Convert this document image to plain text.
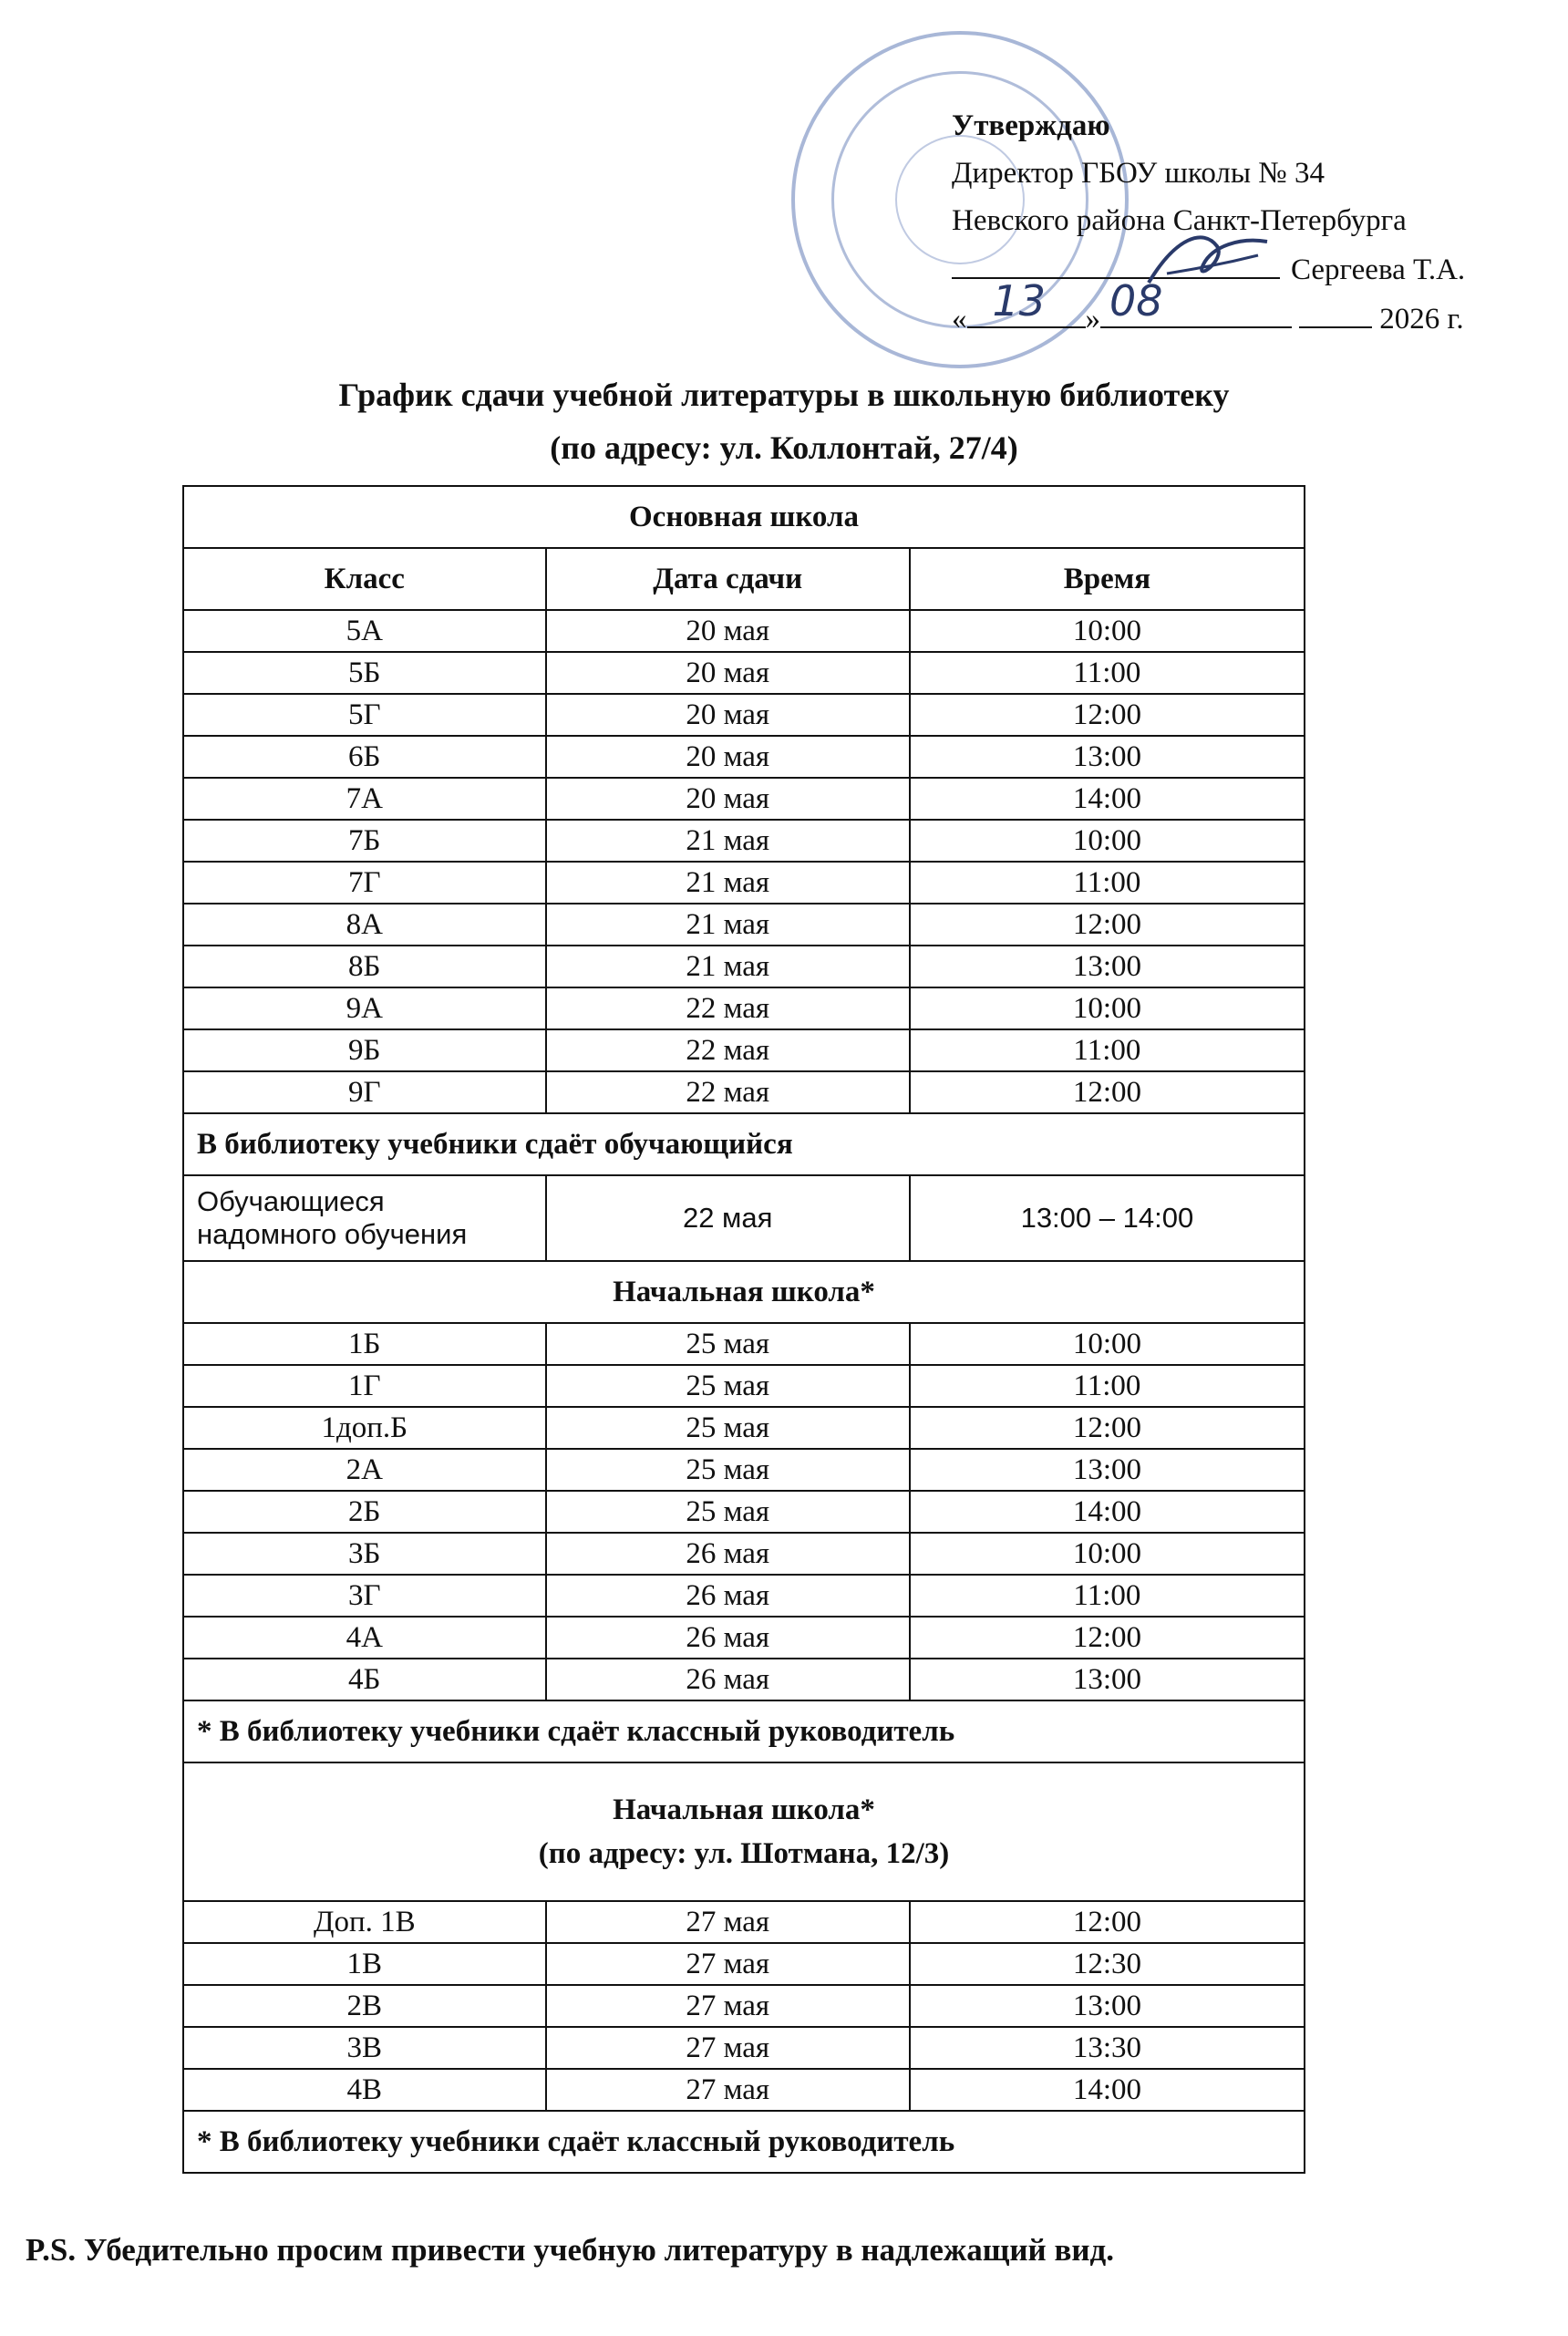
Утверждаю
Директор ГБОУ школы № 34
Невского района Санкт-Петербурга
Сергеева Т.А.
« 13 » 08	2026 г.
График сдачи учебной литературы в школьную библиотеку
(по адресу: ул. Коллонтай, 27/4)
Основная школа		
Класс	Дата сдачи	Время
5А	20 мая	10:00
5Б	20 мая	11:00
5Г	20 мая	12:00
6Б	20 мая	13:00
7А	20 мая	14:00
7Б	21 мая	10:00
7Г	21 мая	11:00
8А	21 мая	12:00
8Б	21 мая	13:00
9А	22 мая	10:00
9Б	22 мая	11:00
9Г	22 мая	12:00
В библиотеку учебники сдаёт обучающийся		
Обучающиеся
надомного обучения	22 мая	13:00 – 14:00
Начальная школа*		
1Б	25 мая	10:00
1Г	25 мая	11:00
1доп.Б	25 мая	12:00
2А	25 мая	13:00
2Б	25 мая	14:00
3Б	26 мая	10:00
3Г	26 мая	11:00
4А	26 мая	12:00
4Б	26 мая	13:00
* В библиотеку учебники сдаёт классный руководитель		
Начальная школа*
(по адресу: ул. Шотмана, 12/3)		
Доп. 1В	27 мая	12:00
1В	27 мая	12:30
2В	27 мая	13:00
3В	27 мая	13:30
4В	27 мая	14:00
* В библиотеку учебники сдаёт классный руководитель		
P.S. Убедительно просим привести учебную литературу в надлежащий вид.
